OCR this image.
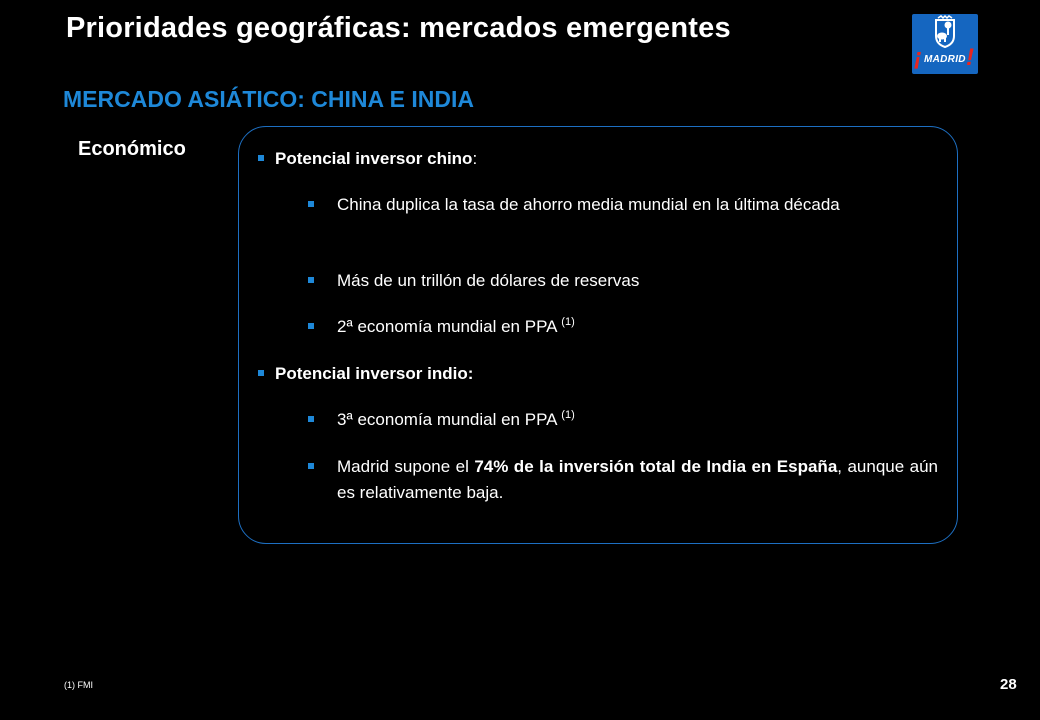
Prioridades geográficas: mercados emergentes
¡ MADRID !
MERCADO ASIÁTICO: CHINA E INDIA
Económico	Potencial inversor chino:
China duplica la tasa de ahorro media mundial en la última década
Más de un trillón de dólares de reservas
2ª economía mundial en PPA $^{(1)}$
Potencial inversor indio:
3ª economía mundial en PPA $^{(1)}$
Madrid supone el 74% de la inversión total de India en España, aunque aún es relativamente baja.
(1) FMI	28
